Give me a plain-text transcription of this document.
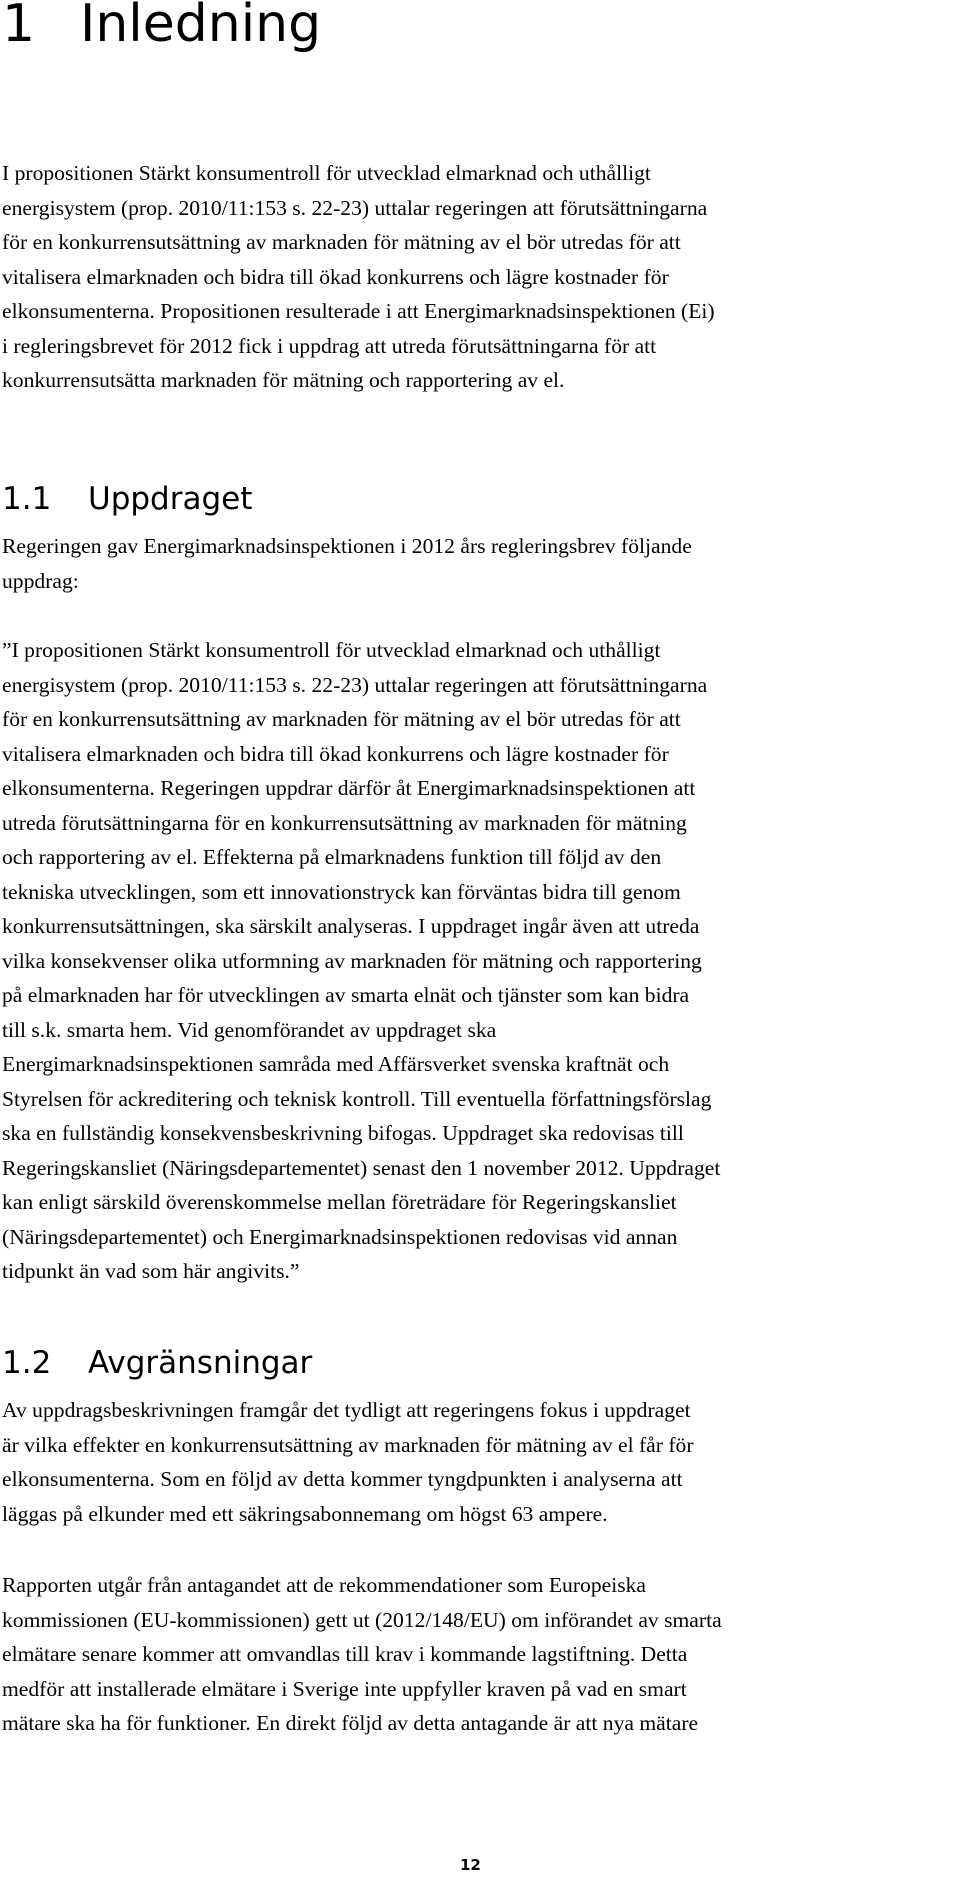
1 Inledning

I propositionen Stärkt konsumentroll för utvecklad elmarknad och uthålligt
energisystem (prop. 2010/11:153 s. 22-23) uttalar regeringen att förutsättningarna
för en konkurrensutsättning av marknaden för mätning av el bör utredas för att
vitalisera elmarknaden och bidra till ökad konkurrens och lägre kostnader för
elkonsumenterna. Propositionen resulterade i att Energimarknadsinspektionen (Ei)
i regleringsbrevet för 2012 fick i uppdrag att utreda förutsättningarna för att
konkurrensutsätta marknaden för mätning och rapportering av el.

1.1 Uppdraget

Regeringen gav Energimarknadsinspektionen i 2012 års regleringsbrev följande
uppdrag:

”I propositionen Stärkt konsumentroll för utvecklad elmarknad och uthålligt
energisystem (prop. 2010/11:153 s. 22-23) uttalar regeringen att förutsättningarna
för en konkurrensutsättning av marknaden för mätning av el bör utredas för att
vitalisera elmarknaden och bidra till ökad konkurrens och lägre kostnader för
elkonsumenterna. Regeringen uppdrar därför åt Energimarknadsinspektionen att
utreda förutsättningarna för en konkurrensutsättning av marknaden för mätning
och rapportering av el. Effekterna på elmarknadens funktion till följd av den
tekniska utvecklingen, som ett innovationstryck kan förväntas bidra till genom
konkurrensutsättningen, ska särskilt analyseras. I uppdraget ingår även att utreda
vilka konsekvenser olika utformning av marknaden för mätning och rapportering
på elmarknaden har för utvecklingen av smarta elnät och tjänster som kan bidra
till s.k. smarta hem. Vid genomförandet av uppdraget ska
Energimarknadsinspektionen samråda med Affärsverket svenska kraftnät och
Styrelsen för ackreditering och teknisk kontroll. Till eventuella författningsförslag
ska en fullständig konsekvensbeskrivning bifogas. Uppdraget ska redovisas till
Regeringskansliet (Näringsdepartementet) senast den 1 november 2012. Uppdraget
kan enligt särskild överenskommelse mellan företrädare för Regeringskansliet
(Näringsdepartementet) och Energimarknadsinspektionen redovisas vid annan
tidpunkt än vad som här angivits.”

1.2 Avgränsningar

Av uppdragsbeskrivningen framgår det tydligt att regeringens fokus i uppdraget
är vilka effekter en konkurrensutsättning av marknaden för mätning av el får för
elkonsumenterna. Som en följd av detta kommer tyngdpunkten i analyserna att
läggas på elkunder med ett säkringsabonnemang om högst 63 ampere.

Rapporten utgår från antagandet att de rekommendationer som Europeiska
kommissionen (EU-kommissionen) gett ut (2012/148/EU) om införandet av smarta
elmätare senare kommer att omvandlas till krav i kommande lagstiftning. Detta
medför att installerade elmätare i Sverige inte uppfyller kraven på vad en smart
mätare ska ha för funktioner. En direkt följd av detta antagande är att nya mätare

12
